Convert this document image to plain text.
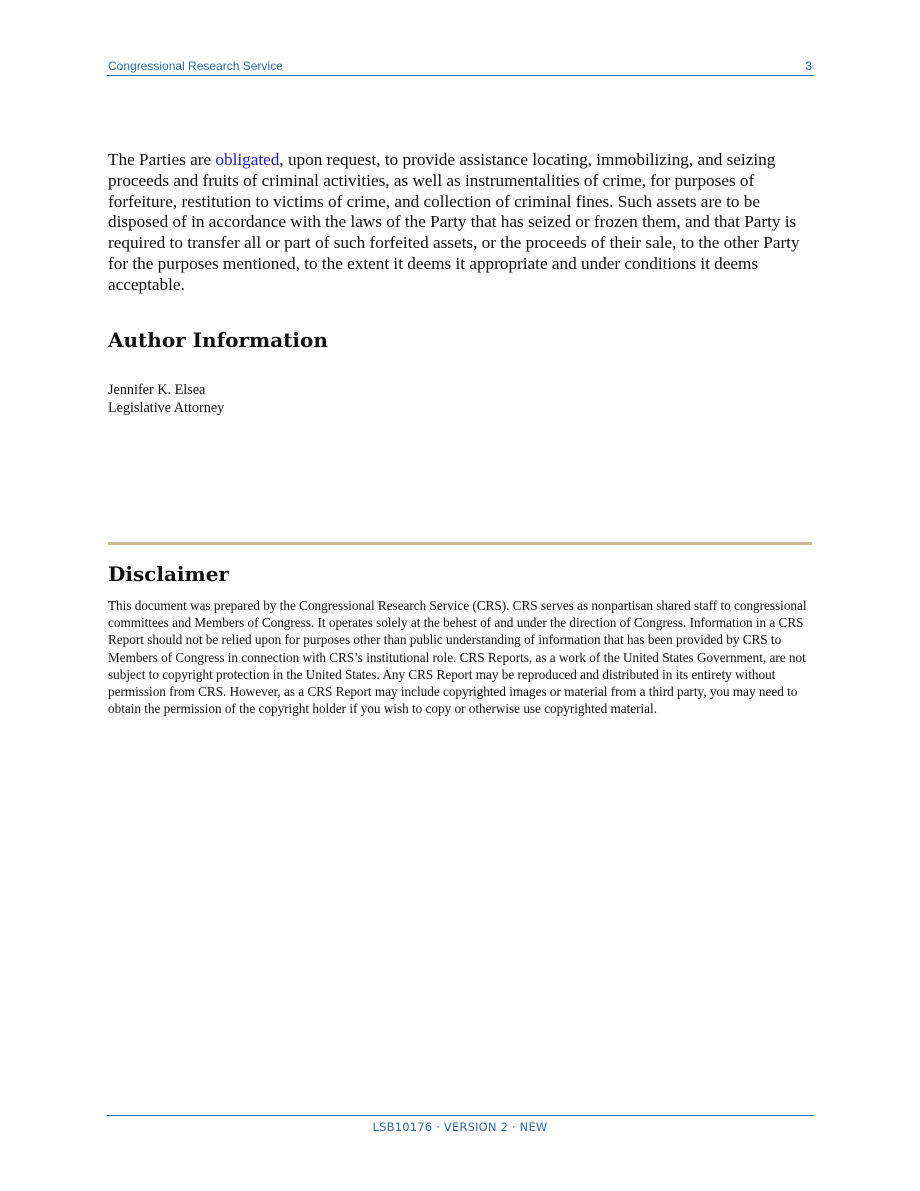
Congressional Research Service	3

The Parties are obligated, upon request, to provide assistance locating, immobilizing, and seizing proceeds and fruits of criminal activities, as well as instrumentalities of crime, for purposes of forfeiture, restitution to victims of crime, and collection of criminal fines. Such assets are to be disposed of in accordance with the laws of the Party that has seized or frozen them, and that Party is required to transfer all or part of such forfeited assets, or the proceeds of their sale, to the other Party for the purposes mentioned, to the extent it deems it appropriate and under conditions it deems acceptable.

Author Information
Jennifer K. Elsea
Legislative Attorney
Disclaimer

This document was prepared by the Congressional Research Service (CRS). CRS serves as nonpartisan shared staff to congressional committees and Members of Congress. It operates solely at the behest of and under the direction of Congress. Information in a CRS Report should not be relied upon for purposes other than public understanding of information that has been provided by CRS to Members of Congress in connection with CRS’s institutional role. CRS Reports, as a work of the United States Government, are not subject to copyright protection in the United States. Any CRS Report may be reproduced and distributed in its entirety without permission from CRS. However, as a CRS Report may include copyrighted images or material from a third party, you may need to obtain the permission of the copyright holder if you wish to copy or otherwise use copyrighted material.

LSB10176 · VERSION 2 · NEW
